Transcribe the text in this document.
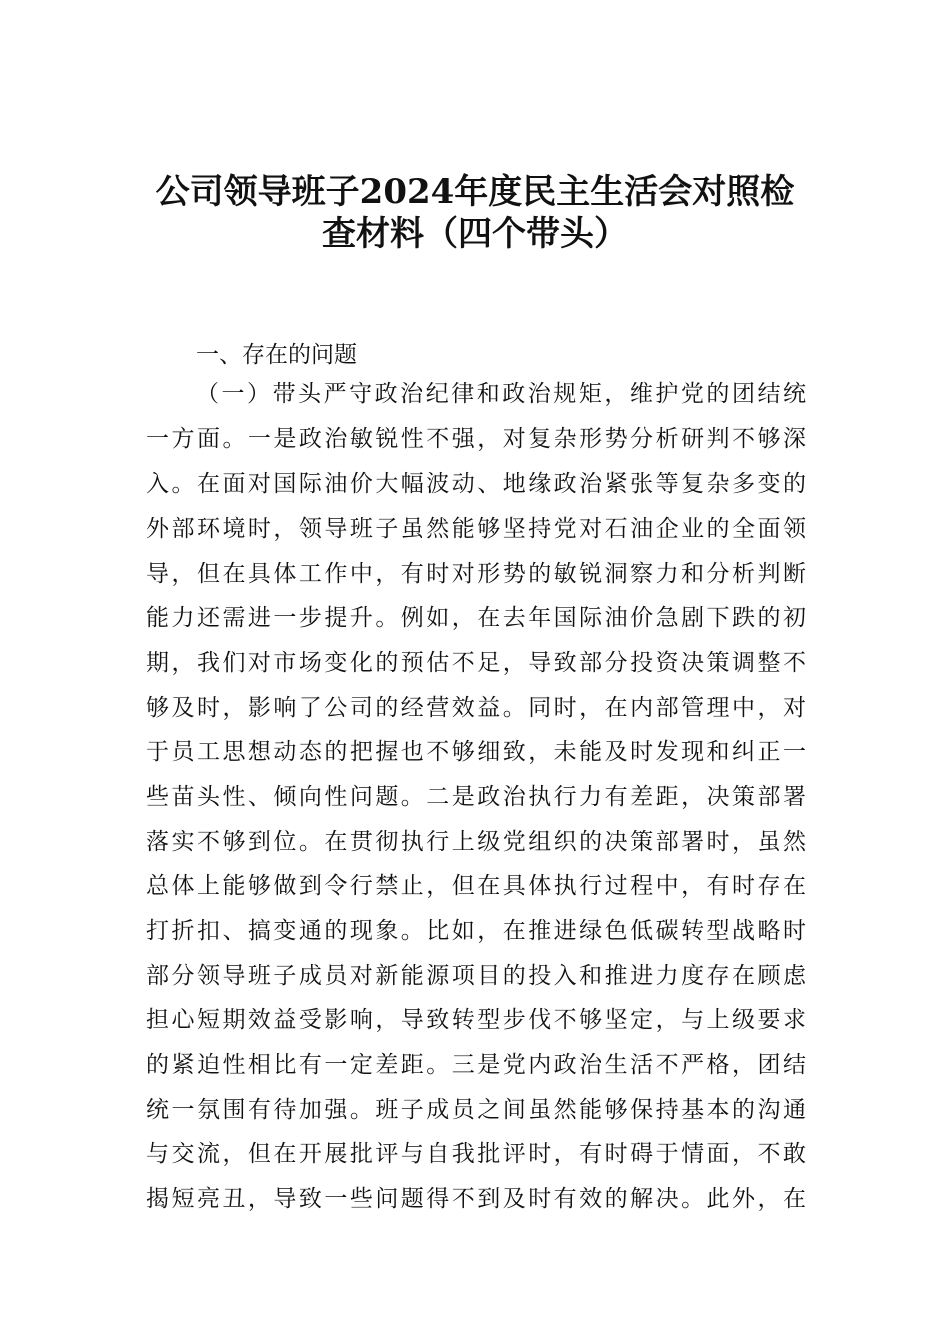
公司领导班子2024年度民主生活会对照检
查材料（四个带头）
一、存在的问题
（一）带头严守政治纪律和政治规矩，维护党的团结统
一方面。一是政治敏锐性不强，对复杂形势分析研判不够深
入。在面对国际油价大幅波动、地缘政治紧张等复杂多变的
外部环境时，领导班子虽然能够坚持党对石油企业的全面领
导，但在具体工作中，有时对形势的敏锐洞察力和分析判断
能力还需进一步提升。例如，在去年国际油价急剧下跌的初
期，我们对市场变化的预估不足，导致部分投资决策调整不
够及时，影响了公司的经营效益。同时，在内部管理中，对
于员工思想动态的把握也不够细致，未能及时发现和纠正一
些苗头性、倾向性问题。二是政治执行力有差距，决策部署
落实不够到位。在贯彻执行上级党组织的决策部署时，虽然
总体上能够做到令行禁止，但在具体执行过程中，有时存在
打折扣、搞变通的现象。比如，在推进绿色低碳转型战略时
部分领导班子成员对新能源项目的投入和推进力度存在顾虑
担心短期效益受影响，导致转型步伐不够坚定，与上级要求
的紧迫性相比有一定差距。三是党内政治生活不严格，团结
统一氛围有待加强。班子成员之间虽然能够保持基本的沟通
与交流，但在开展批评与自我批评时，有时碍于情面，不敢
揭短亮丑，导致一些问题得不到及时有效的解决。此外，在
